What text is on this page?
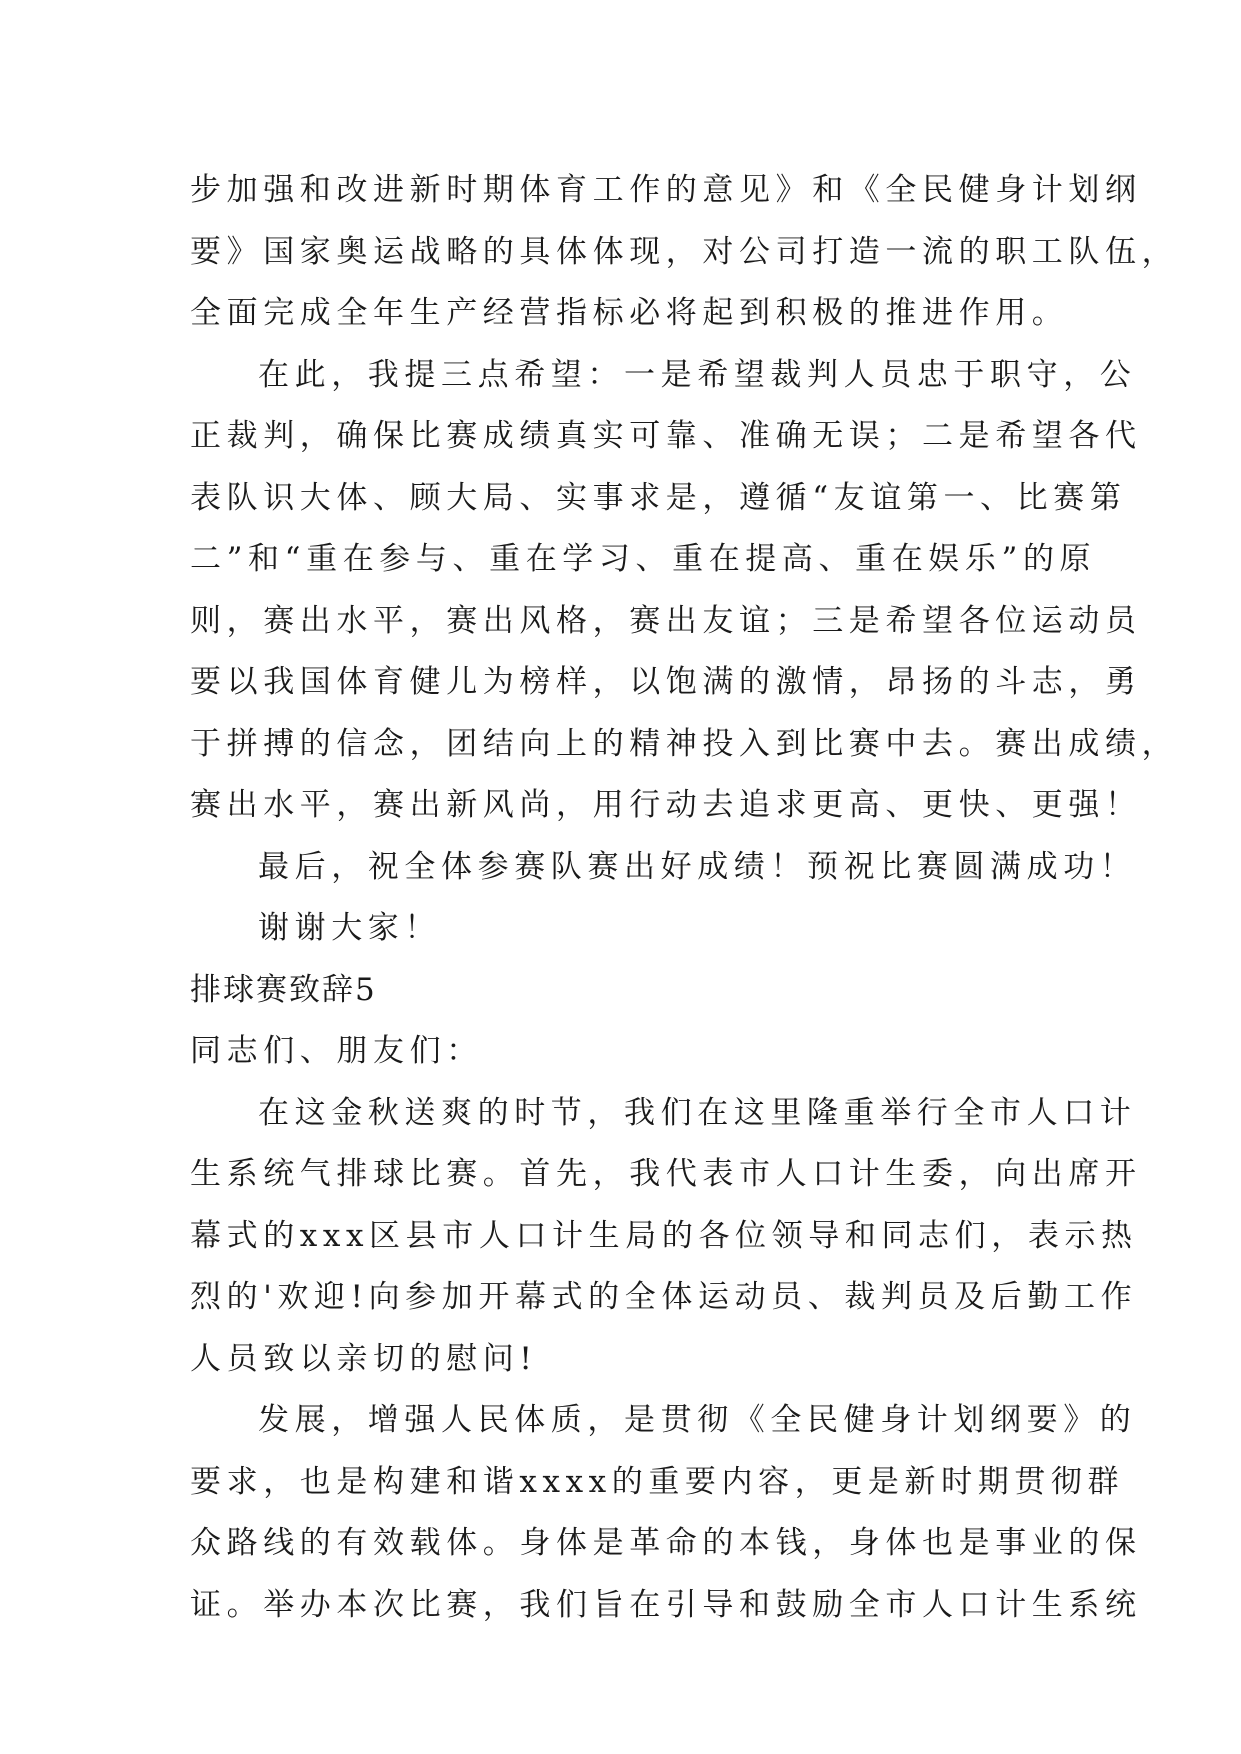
步加强和改进新时期体育工作的意见》和《全民健身计划纲
要》国家奥运战略的具体体现，对公司打造一流的职工队伍，
全面完成全年生产经营指标必将起到积极的推进作用。
在此，我提三点希望：一是希望裁判人员忠于职守，公
正裁判，确保比赛成绩真实可靠、准确无误；二是希望各代
表队识大体、顾大局、实事求是，遵循“友谊第一、比赛第
二”和“重在参与、重在学习、重在提高、重在娱乐”的原
则，赛出水平，赛出风格，赛出友谊；三是希望各位运动员
要以我国体育健儿为榜样，以饱满的激情，昂扬的斗志，勇
于拼搏的信念，团结向上的精神投入到比赛中去。赛出成绩，
赛出水平，赛出新风尚，用行动去追求更高、更快、更强！
最后，祝全体参赛队赛出好成绩！预祝比赛圆满成功！
谢谢大家！
排球赛致辞5
同志们、朋友们：
在这金秋送爽的时节，我们在这里隆重举行全市人口计
生系统气排球比赛。首先，我代表市人口计生委，向出席开
幕式的xxx区县市人口计生局的各位领导和同志们，表示热
烈的'欢迎!向参加开幕式的全体运动员、裁判员及后勤工作
人员致以亲切的慰问!
发展，增强人民体质，是贯彻《全民健身计划纲要》的
要求，也是构建和谐xxxx的重要内容，更是新时期贯彻群
众路线的有效载体。身体是革命的本钱，身体也是事业的保
证。举办本次比赛，我们旨在引导和鼓励全市人口计生系统
